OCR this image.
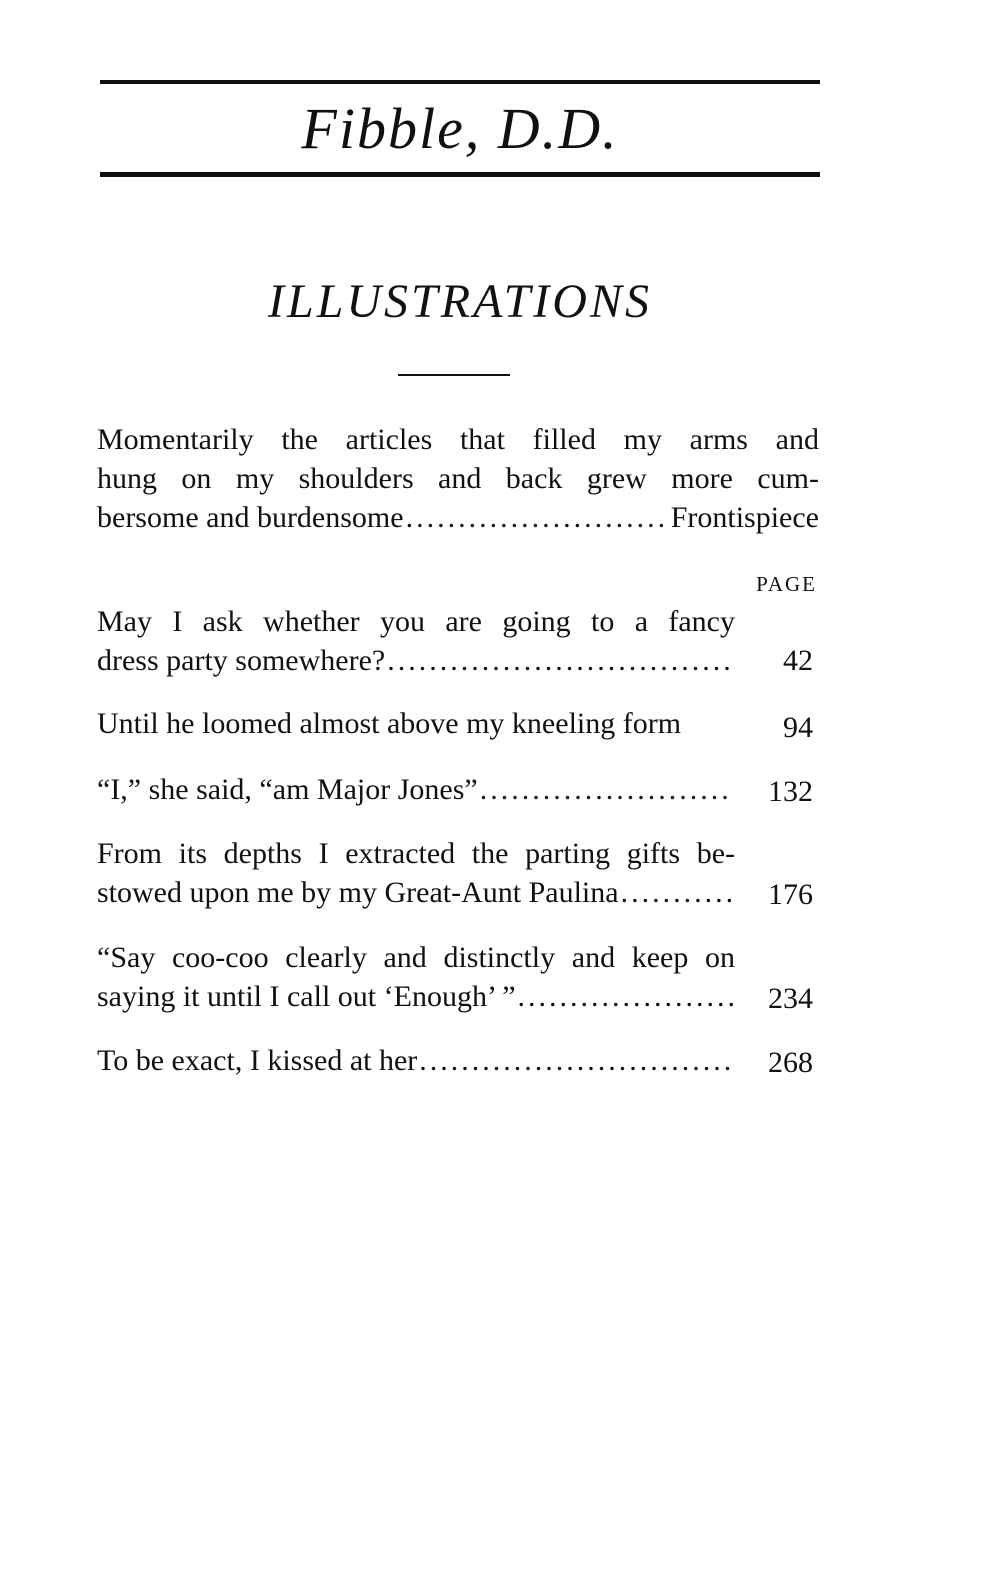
Fibble, D.D.
ILLUSTRATIONS
Momentarily the articles that filled my arms and
hung on my shoulders and back grew more cum-
bersome and burdensome .....	Frontispiece
PAGE
May I ask whether you are going to a fancy
dress party somewhere? .....	42
Until he loomed almost above my kneeling form	94
“I,” she said, “am Major Jones” .....	132
From its depths I extracted the parting gifts be-
stowed upon me by my Great-Aunt Paulina .....	176
“Say coo-coo clearly and distinctly and keep on
saying it until I call out ‘Enough’ ” .....	234
To be exact, I kissed at her .....	268
